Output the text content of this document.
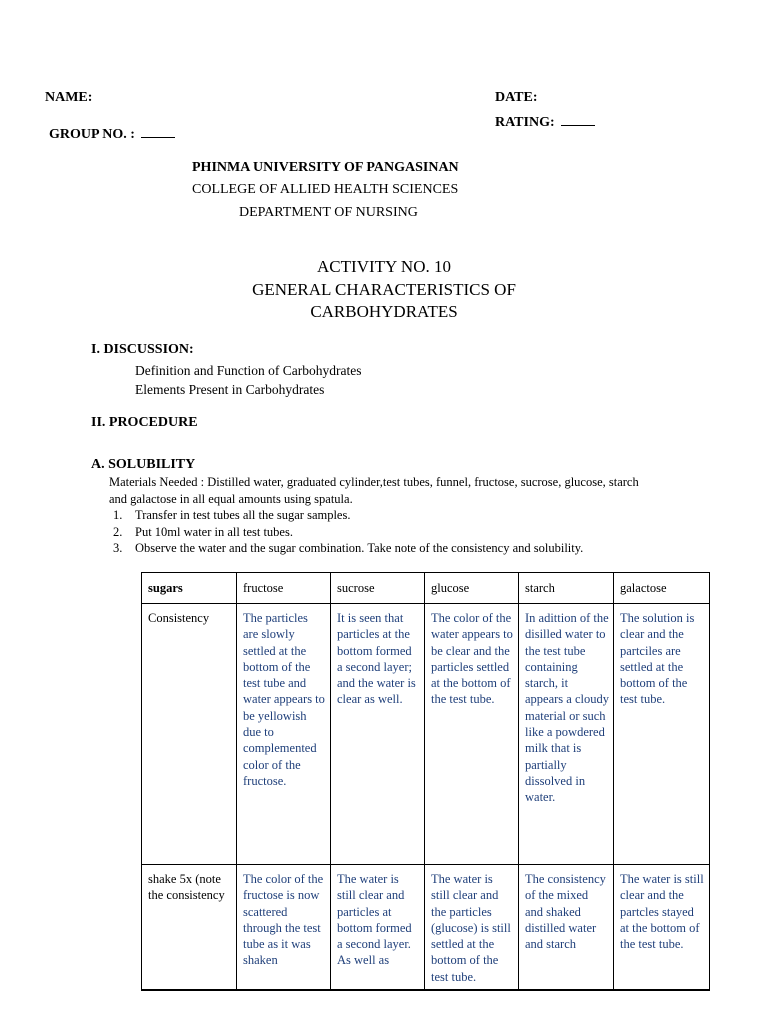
NAME:	DATE:
RATING:
GROUP NO. :
PHINMA UNIVERSITY OF PANGASINAN
COLLEGE OF ALLIED HEALTH SCIENCES
DEPARTMENT OF NURSING
ACTIVITY NO. 10
GENERAL CHARACTERISTICS OF
CARBOHYDRATES
I. DISCUSSION:
Definition and Function of Carbohydrates
Elements Present in Carbohydrates
II. PROCEDURE
A. SOLUBILITY
Materials Needed : Distilled water, graduated cylinder,test tubes, funnel, fructose, sucrose, glucose, starch
and galactose in all equal amounts using spatula.
1. Transfer in test tubes all the sugar samples.
2. Put 10ml water in all test tubes.
3. Observe the water and the sugar combination. Take note of the consistency and solubility.
sugars	fructose	sucrose	glucose	starch	galactose
Consistency	The particles are slowly settled at the bottom of the test tube and water appears to be yellowish due to complemented color of the fructose.	It is seen that particles at the bottom formed a second layer; and the water is clear as well.	The color of the water appears to be clear and the particles settled at the bottom of the test tube.	In adittion of the disilled water to the test tube containing starch, it appears a cloudy material or such like a powdered milk that is partially dissolved in water.	The solution is clear and the partciles are settled at the bottom of the test tube.
shake 5x (note the consistency	The color of the fructose is now scattered through the test tube as it was shaken	The water is still clear and particles at bottom formed a second layer. As well as	The water is still clear and the particles (glucose) is still settled at the bottom of the test tube.	The consistency of the mixed and shaked distilled water and starch	The water is still clear and the partcles stayed at the bottom of the test tube.
